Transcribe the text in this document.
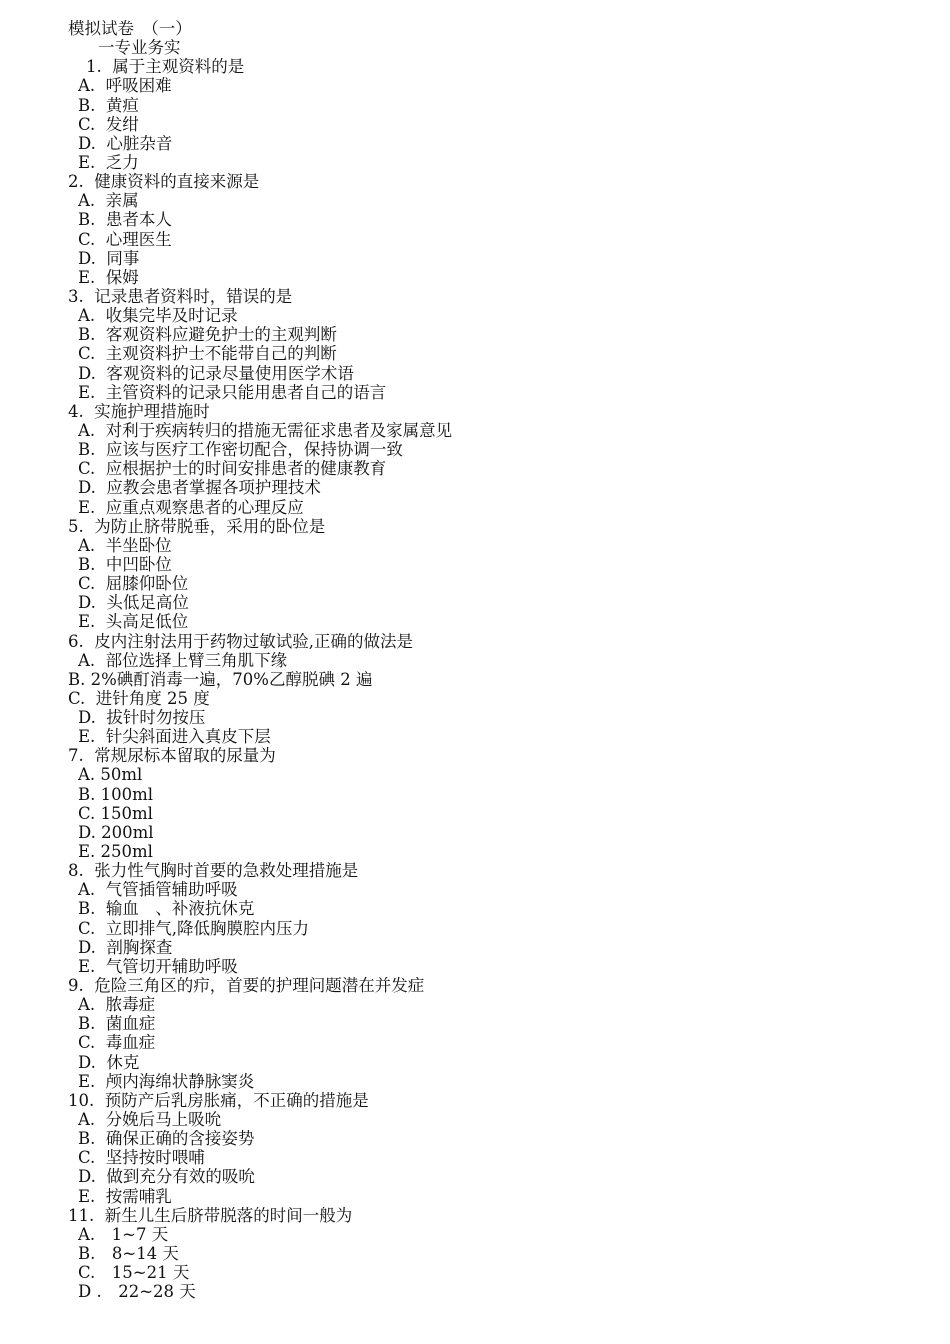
模拟试卷　（一）
一专业务实
1.  属于主观资料的是
A.  呼吸困难
B.  黄疸
C.  发绀
D.  心脏杂音
E.  乏力
2.  健康资料的直接来源是
A.  亲属
B.  患者本人
C.  心理医生
D.  同事
E.  保姆
3.  记录患者资料时，错误的是
A.  收集完毕及时记录
B.  客观资料应避免护士的主观判断
C.  主观资料护士不能带自己的判断
D.  客观资料的记录尽量使用医学术语
E.  主管资料的记录只能用患者自己的语言
4.  实施护理措施时
A.  对利于疾病转归的措施无需征求患者及家属意见
B.  应该与医疗工作密切配合，保持协调一致
C.  应根据护士的时间安排患者的健康教育
D.  应教会患者掌握各项护理技术
E.  应重点观察患者的心理反应
5.  为防止脐带脱垂，采用的卧位是
A.  半坐卧位
B.  中凹卧位
C.  屈膝仰卧位
D.  头低足高位
E.  头高足低位
6.  皮内注射法用于药物过敏试验,正确的做法是
A.  部位选择上臂三角肌下缘
B. 2%碘酊消毒一遍，70%乙醇脱碘 2 遍
C.  进针角度 25 度
D.  拔针时勿按压
E.  针尖斜面进入真皮下层
7.  常规尿标本留取的尿量为
A. 50ml
B. 100ml
C. 150ml
D. 200ml
E. 250ml
8.  张力性气胸时首要的急救处理措施是
A.  气管插管辅助呼吸
B.  输血　、补液抗休克
C.  立即排气,降低胸膜腔内压力
D.  剖胸探查
E.  气管切开辅助呼吸
9.  危险三角区的疖，首要的护理问题潜在并发症
A.  脓毒症
B.  菌血症
C.  毒血症
D.  休克
E.  颅内海绵状静脉窦炎
10.  预防产后乳房胀痛，不正确的措施是
A.  分娩后马上吸吮
B.  确保正确的含接姿势
C.  坚持按时喂哺
D.  做到充分有效的吸吮
E.  按需哺乳
11.  新生儿生后脐带脱落的时间一般为
A.　1~7 天
B.　8~14 天
C.　15~21 天
D .　22~28 天
